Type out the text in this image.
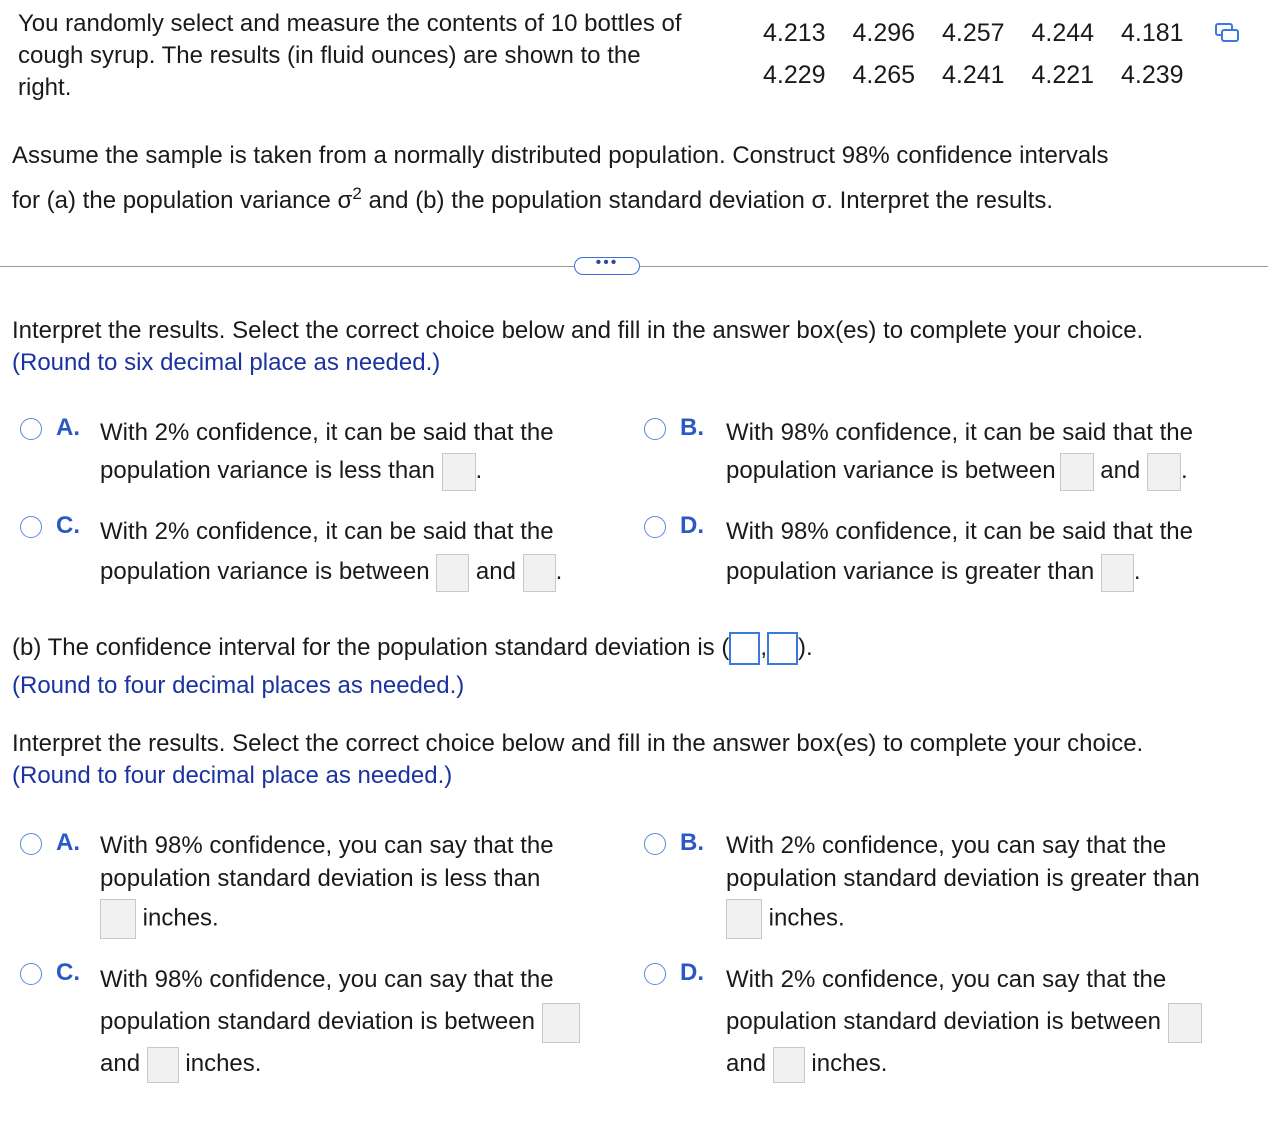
You randomly select and measure the contents of 10 bottles of
cough syrup. The results (in fluid ounces) are shown to the
right.
4.213	4.296	4.257	4.244	4.181
4.229	4.265	4.241	4.221	4.239
Assume the sample is taken from a normally distributed population. Construct 98% confidence intervals
for (a) the population variance $\sigma^2$ and (b) the population standard deviation σ. Interpret the results.
•••
Interpret the results. Select the correct choice below and fill in the answer box(es) to complete your choice.
(Round to six decimal place as needed.)
A. With 2% confidence, it can be said that the
population variance is less than .
B. With 98% confidence, it can be said that the
population variance is between and .
C. With 2% confidence, it can be said that the
population variance is between and .
D. With 98% confidence, it can be said that the
population variance is greater than .
(b) The confidence interval for the population standard deviation is ( , ).
(Round to four decimal places as needed.)
Interpret the results. Select the correct choice below and fill in the answer box(es) to complete your choice.
(Round to four decimal place as needed.)
A. With 98% confidence, you can say that the
population standard deviation is less than
inches.
B. With 2% confidence, you can say that the
population standard deviation is greater than
inches.
C. With 98% confidence, you can say that the
population standard deviation is between
and inches.
D. With 2% confidence, you can say that the
population standard deviation is between
and inches.
